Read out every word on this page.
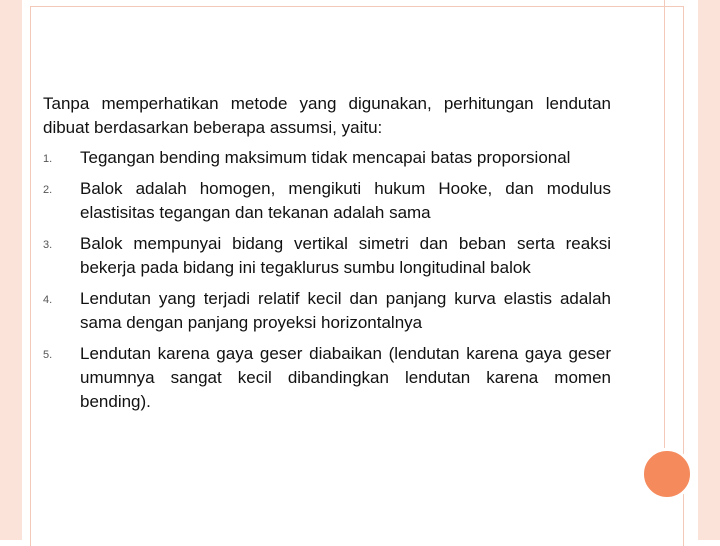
Tanpa memperhatikan metode yang digunakan, perhitungan lendutan dibuat berdasarkan beberapa assumsi, yaitu:

1. Tegangan bending maksimum tidak mencapai batas proporsional
2. Balok adalah homogen, mengikuti hukum Hooke, dan modulus elastisitas tegangan dan tekanan adalah sama
3. Balok mempunyai bidang vertikal simetri dan beban serta reaksi bekerja pada bidang ini tegaklurus sumbu longitudinal balok
4. Lendutan yang terjadi relatif kecil dan panjang kurva elastis adalah sama dengan panjang proyeksi horizontalnya
5. Lendutan karena gaya geser diabaikan (lendutan karena gaya geser umumnya sangat kecil dibandingkan lendutan karena momen bending).
